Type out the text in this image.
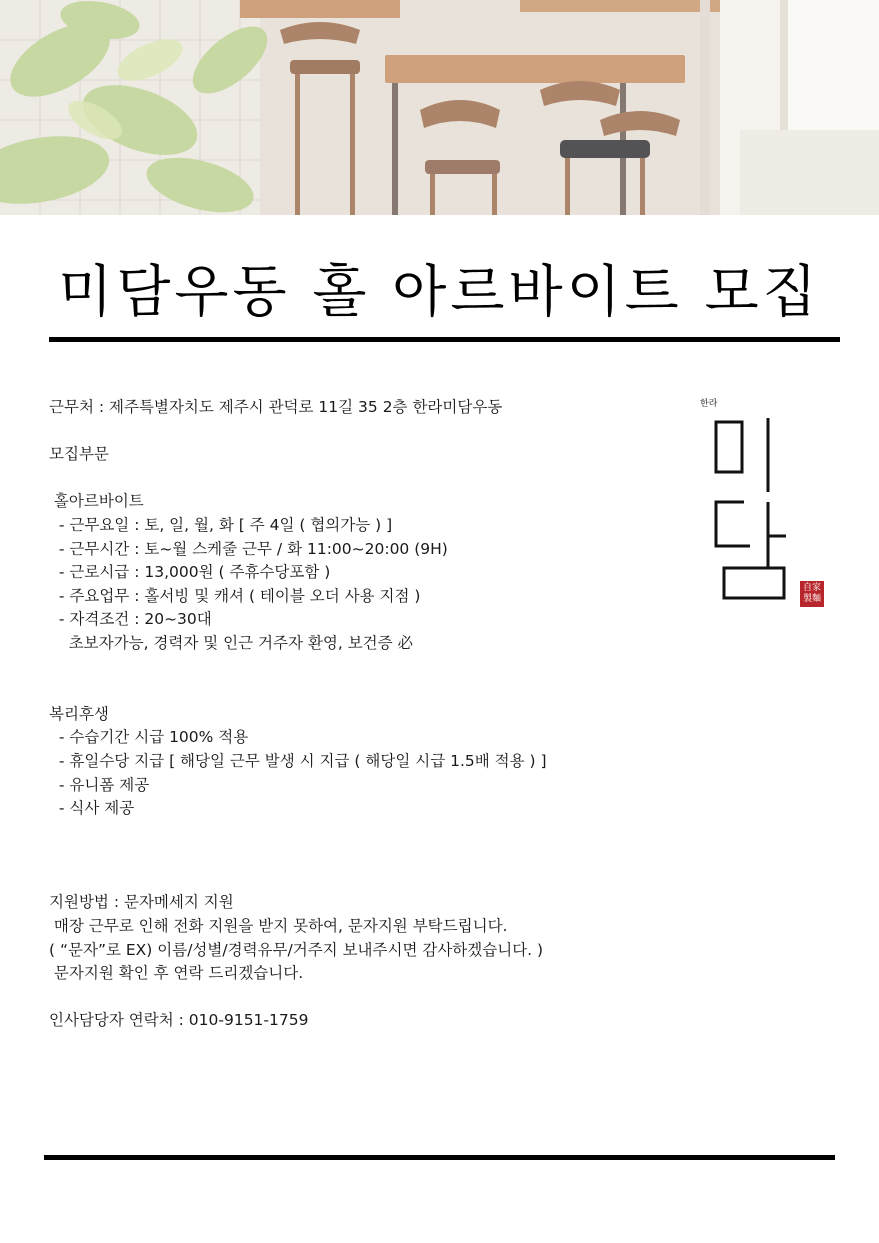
미담우동 홀 아르바이트 모집
근무처 : 제주특별자치도 제주시 관덕로 11길 35 2층 한라미담우동
모집부문
홀아르바이트
- 근무요일 : 토, 일, 월, 화 [ 주 4일 ( 협의가능 ) ]
- 근무시간 : 토~월 스케줄 근무 / 화 11:00~20:00 (9H)
- 근로시급 : 13,000원 ( 주휴수당포함 )
- 주요업무 : 홀서빙 및 캐셔 ( 테이블 오더 사용 지점 )
- 자격조건 : 20~30대
초보자가능, 경력자 및 인근 거주자 환영, 보건증 必
복리후생
- 수습기간 시급 100% 적용
- 휴일수당 지급 [ 해당일 근무 발생 시 지급 ( 해당일 시급 1.5배 적용 ) ]
- 유니폼 제공
- 식사 제공
지원방법 : 문자메세지 지원
매장 근무로 인해 전화 지원을 받지 못하여, 문자지원 부탁드립니다.
( “문자”로 EX) 이름/성별/경력유무/거주지 보내주시면 감사하겠습니다. )
문자지원 확인 후 연락 드리겠습니다.
인사담당자 연락처 : 010-9151-1759
한라
自家
製麵
